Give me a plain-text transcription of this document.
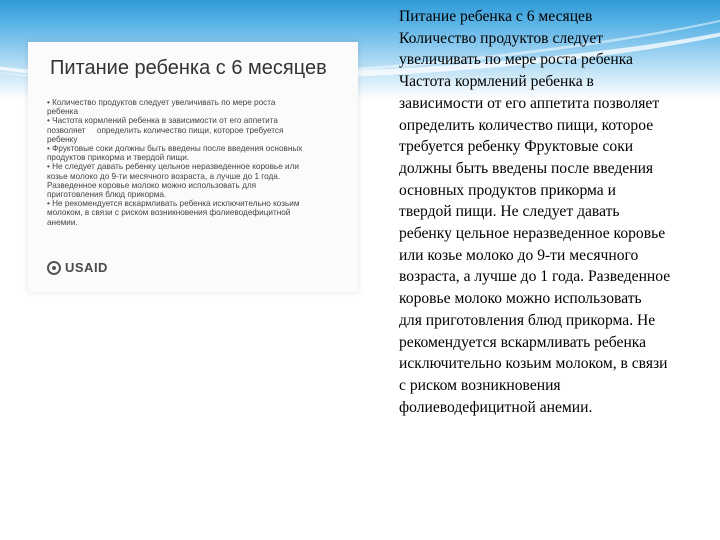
Питание ребенка с 6 месяцев
• Количество продуктов следует увеличивать по мере роста
ребенка
• Частота кормлений ребенка в зависимости от его аппетита
позволяет     определить количество пищи, которое требуется
ребенку
• Фруктовые соки должны быть введены после введения основных
продуктов прикорма и твердой пищи.
• Не следует давать ребенку цельное неразведенное коровье или
козье молоко до 9-ти месячного возраста, а лучше до 1 года.
Разведенное коровье молоко можно использовать для
приготовления блюд прикорма.
• Не рекомендуется вскармливать ребенка исключительно козьим
молоком, в связи с риском возникновения фолиеводефицитной
анемии.
USAID
Питание ребенка с 6 месяцев
Количество продуктов следует
увеличивать по мере роста ребенка
Частота кормлений ребенка в
зависимости от его аппетита позволяет
определить количество пищи, которое
требуется ребенку Фруктовые соки
должны быть введены после введения
основных продуктов прикорма и
твердой пищи. Не следует давать
ребенку цельное неразведенное коровье
или козье молоко до 9-ти месячного
возраста, а лучше до 1 года. Разведенное
коровье молоко можно использовать
для приготовления блюд прикорма. Не
рекомендуется вскармливать ребенка
исключительно козьим молоком, в связи
с риском возникновения
фолиеводефицитной анемии.
